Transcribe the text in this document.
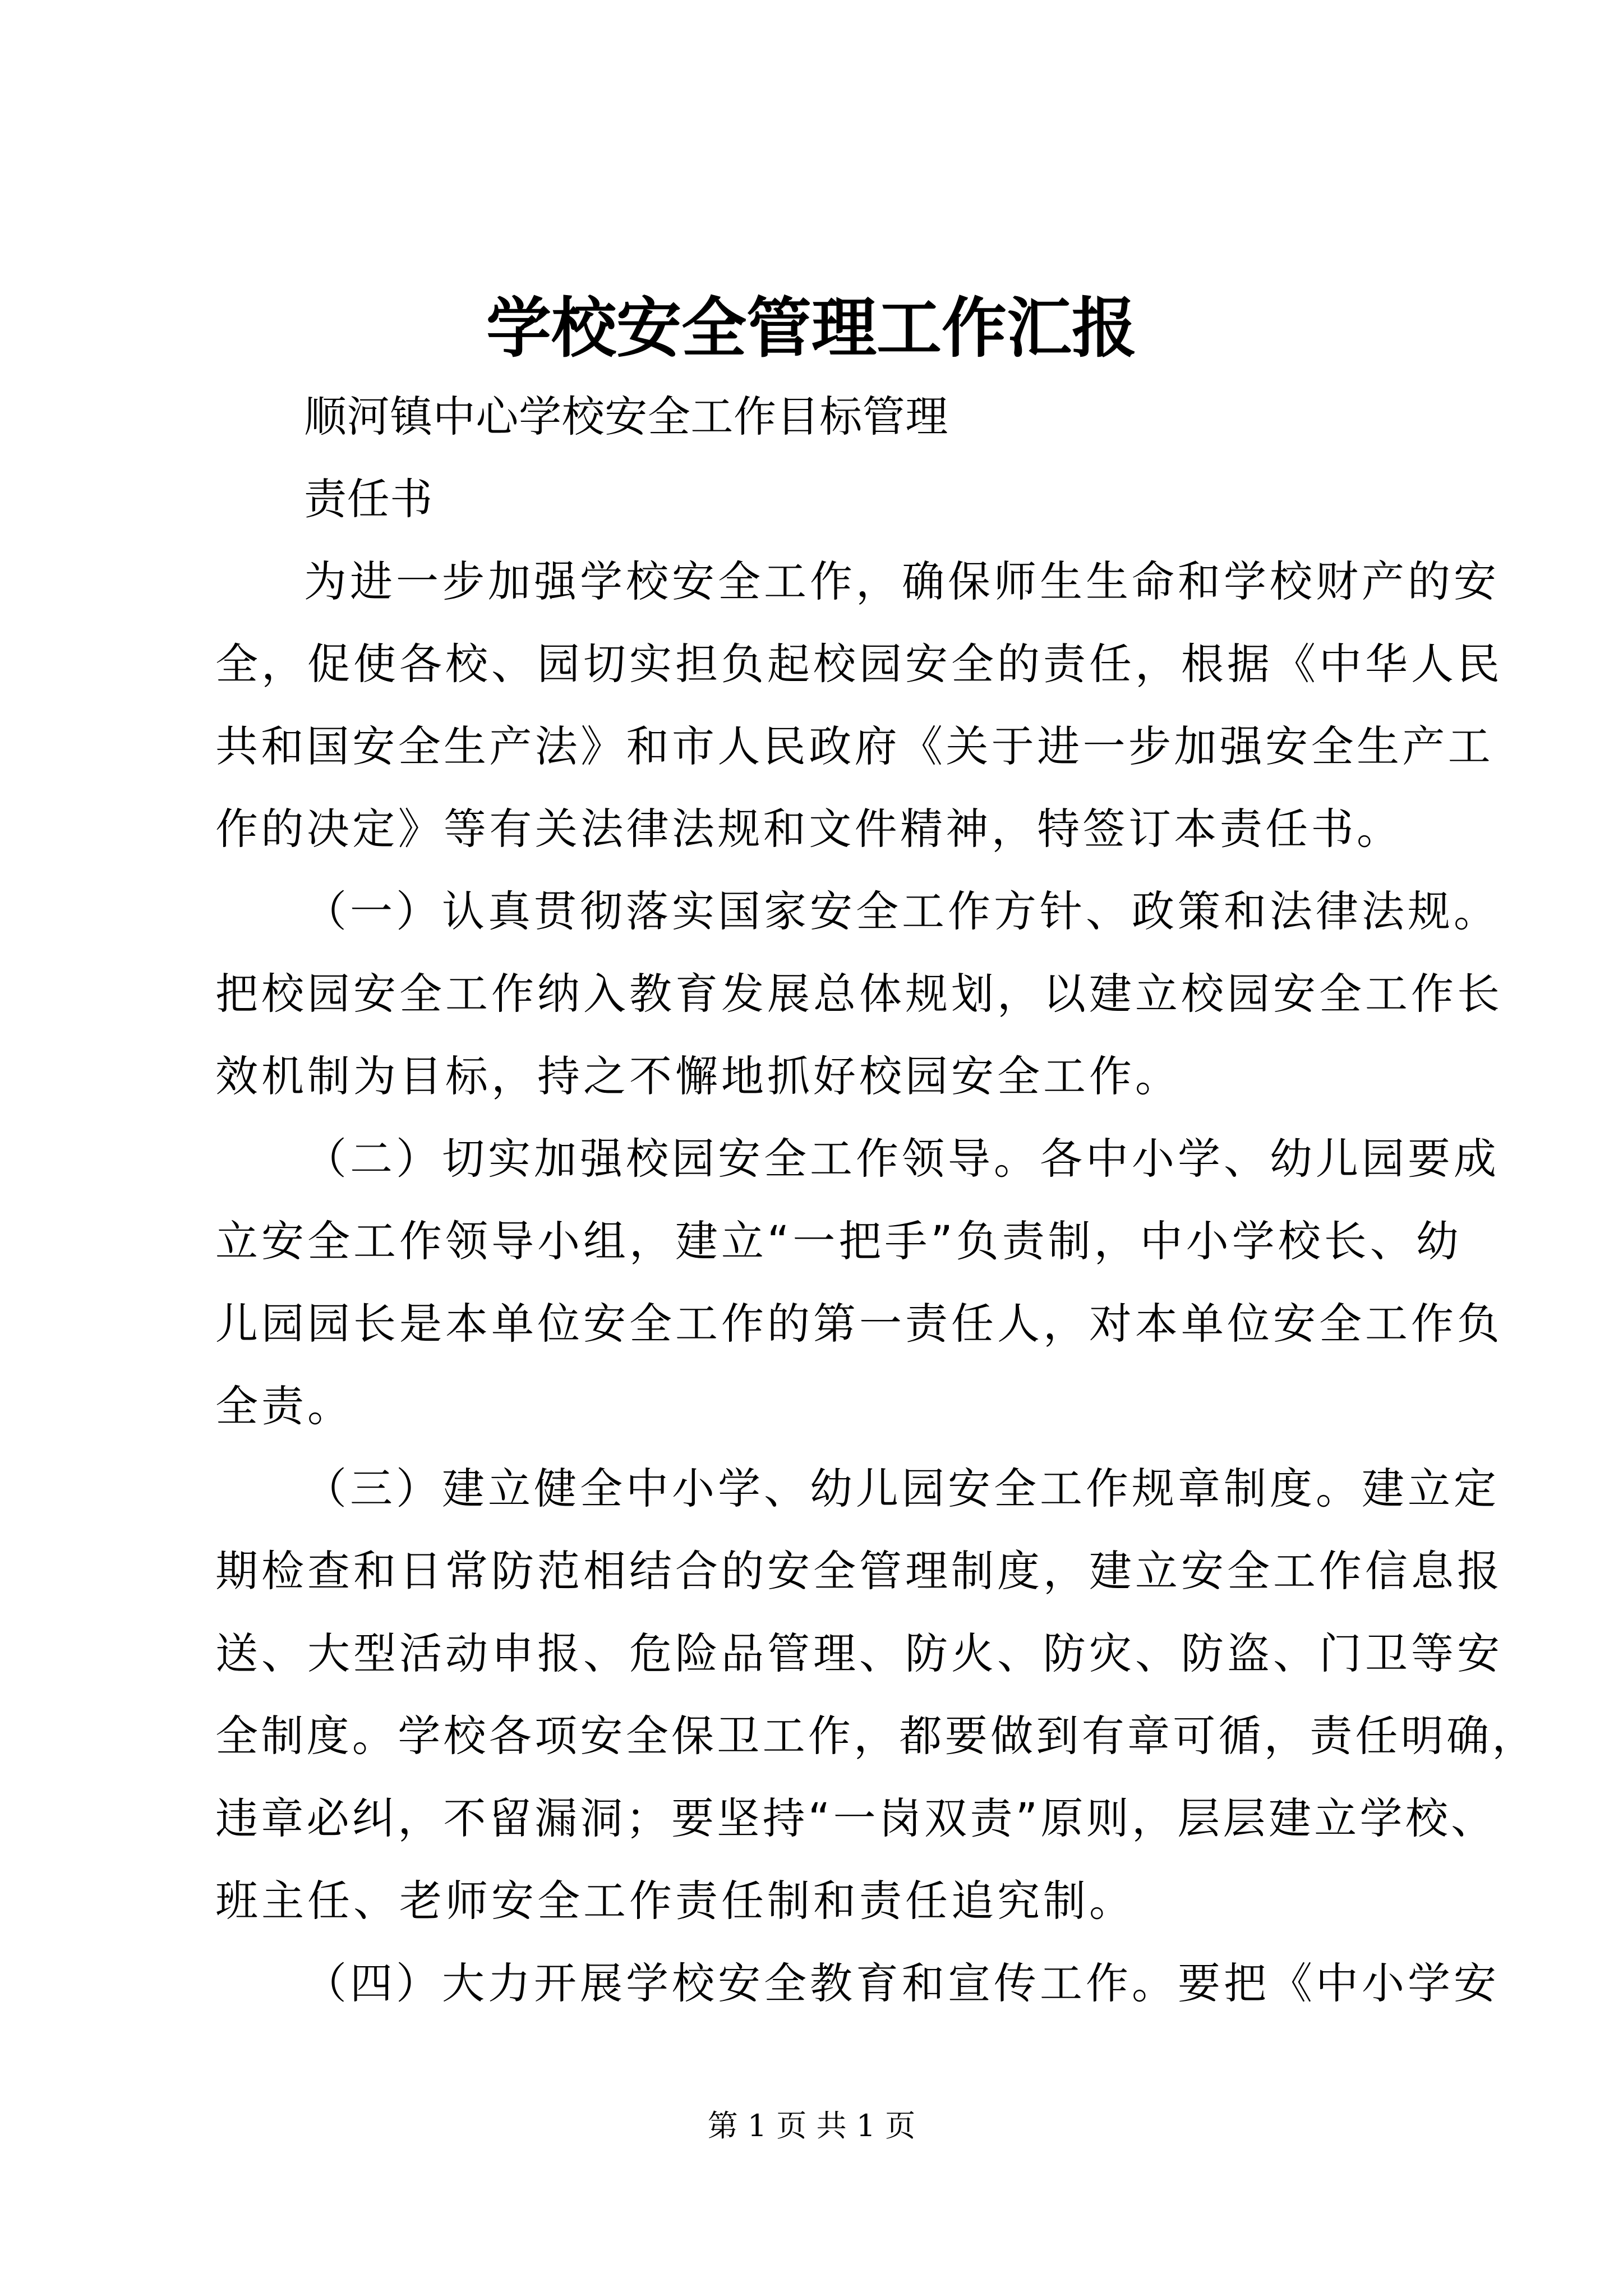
学校安全管理工作汇报
顺河镇中心学校安全工作目标管理
责任书
为进一步加强学校安全工作，确保师生生命和学校财产的安
全，促使各校、园切实担负起校园安全的责任，根据《中华人民
共和国安全生产法》和市人民政府《关于进一步加强安全生产工
作的决定》等有关法律法规和文件精神，特签订本责任书。
（一）认真贯彻落实国家安全工作方针、政策和法律法规。
把校园安全工作纳入教育发展总体规划，以建立校园安全工作长
效机制为目标，持之不懈地抓好校园安全工作。
（二）切实加强校园安全工作领导。各中小学、幼儿园要成
立安全工作领导小组，建立“一把手”负责制，中小学校长、幼
儿园园长是本单位安全工作的第一责任人，对本单位安全工作负
全责。
（三）建立健全中小学、幼儿园安全工作规章制度。建立定
期检查和日常防范相结合的安全管理制度，建立安全工作信息报
送、大型活动申报、危险品管理、防火、防灾、防盗、门卫等安
全制度。学校各项安全保卫工作，都要做到有章可循，责任明确，
违章必纠，不留漏洞；要坚持“一岗双责”原则，层层建立学校、
班主任、老师安全工作责任制和责任追究制。
（四）大力开展学校安全教育和宣传工作。要把《中小学安
第 1 页 共 1 页
